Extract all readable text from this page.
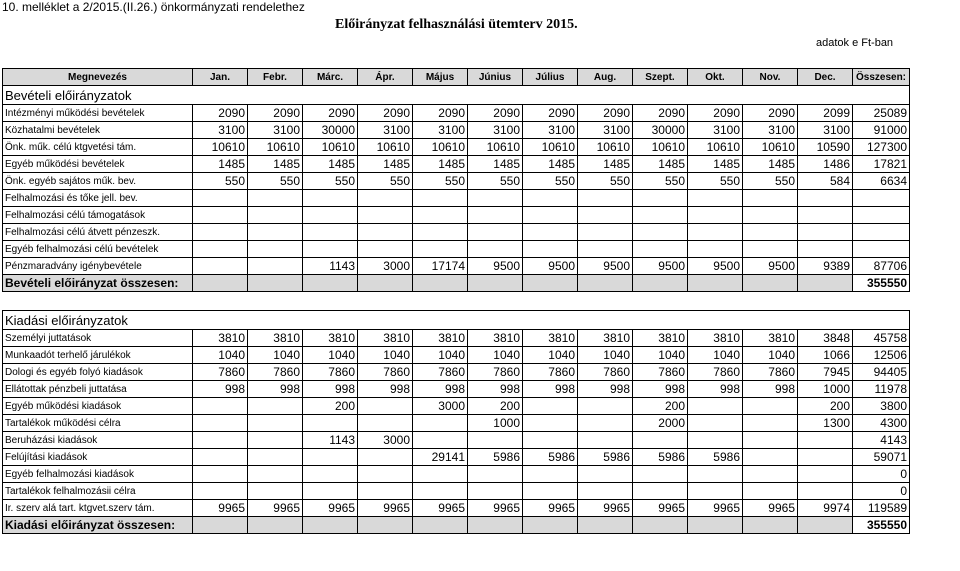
10. melléklet a 2/2015.(II.26.) önkormányzati rendelethez
Előirányzat felhasználási ütemterv 2015.
adatok e Ft-ban
Megnevezés	Jan.	Febr.	Márc.	Ápr.	Május	Június	Július	Aug.	Szept.	Okt.	Nov.	Dec.	Összesen:
Bevételi előirányzatok													
Intézményi működési bevételek	2090	2090	2090	2090	2090	2090	2090	2090	2090	2090	2090	2099	25089
Közhatalmi bevételek	3100	3100	30000	3100	3100	3100	3100	3100	30000	3100	3100	3100	91000
Önk. műk. célú ktgvetési tám.	10610	10610	10610	10610	10610	10610	10610	10610	10610	10610	10610	10590	127300
Egyéb működési bevételek	1485	1485	1485	1485	1485	1485	1485	1485	1485	1485	1485	1486	17821
Önk. egyéb sajátos műk. bev.	550	550	550	550	550	550	550	550	550	550	550	584	6634
Felhalmozási és tőke jell. bev.													
Felhalmozási célú támogatások													
Felhalmozási célú átvett pénzeszk.													
Egyéb felhalmozási célú bevételek													
Pénzmaradvány igénybevétele			1143	3000	17174	9500	9500	9500	9500	9500	9500	9389	87706
Bevételi előirányzat összesen:													355550

Kiadási előirányzatok													
Személyi juttatások	3810	3810	3810	3810	3810	3810	3810	3810	3810	3810	3810	3848	45758
Munkaadót terhelő járulékok	1040	1040	1040	1040	1040	1040	1040	1040	1040	1040	1040	1066	12506
Dologi és egyéb folyó kiadások	7860	7860	7860	7860	7860	7860	7860	7860	7860	7860	7860	7945	94405
Ellátottak pénzbeli juttatása	998	998	998	998	998	998	998	998	998	998	998	1000	11978
Egyéb működési kiadások			200		3000	200			200			200	3800
Tartalékok működési célra						1000			2000			1300	4300
Beruházási kiadások			1143	3000									4143
Felújítási kiadások					29141	5986	5986	5986	5986	5986			59071
Egyéb felhalmozási kiadások													0
Tartalékok felhalmozásii célra													0
Ir. szerv alá tart. ktgvet.szerv tám.	9965	9965	9965	9965	9965	9965	9965	9965	9965	9965	9965	9974	119589
Kiadási előirányzat összesen:													355550
